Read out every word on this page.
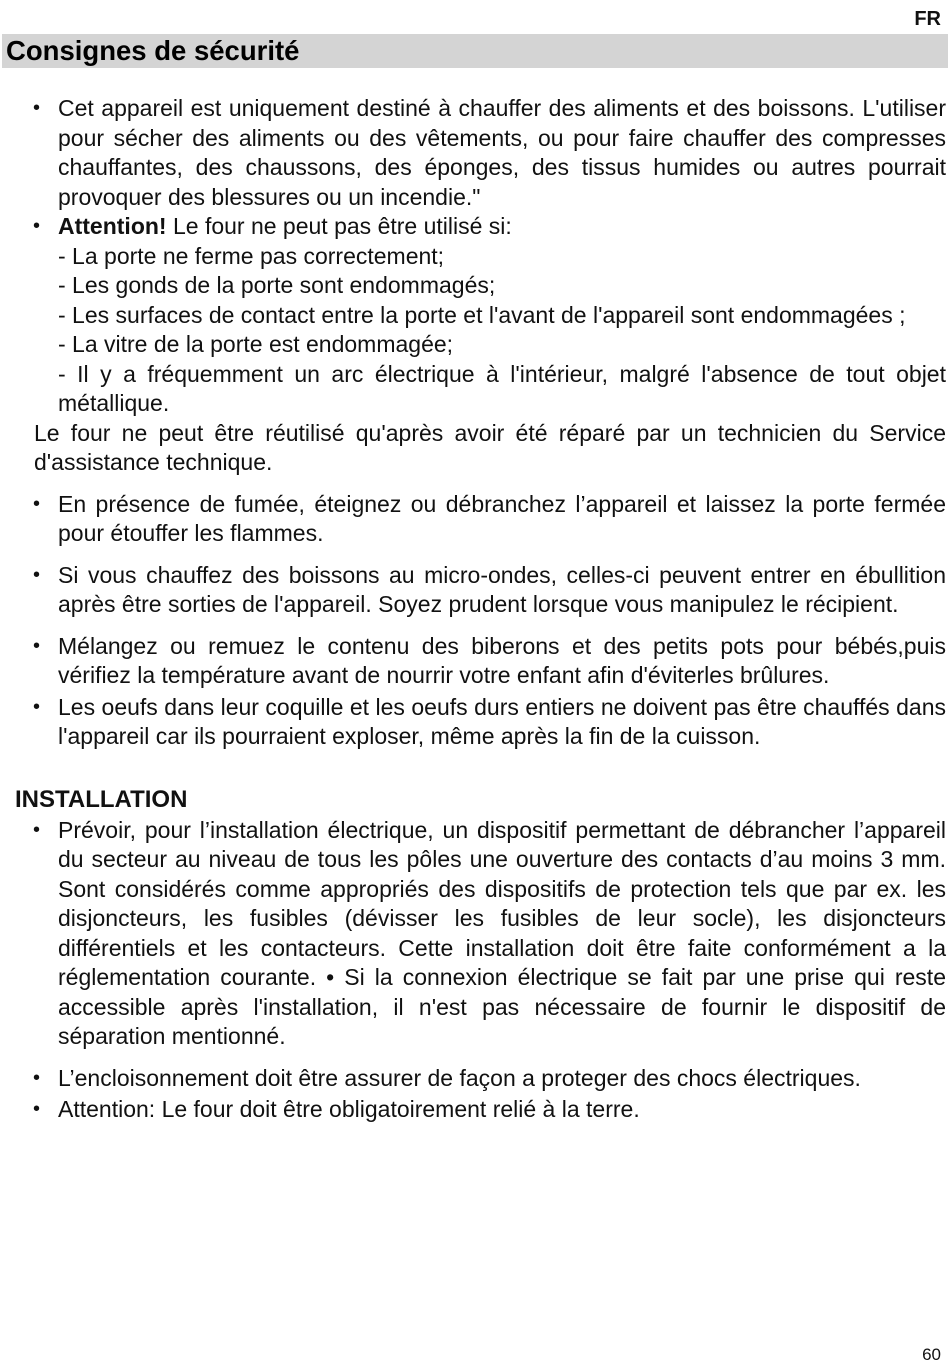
FR
Consignes de sécurité
• Cet appareil est uniquement destiné à chauffer des aliments et des boissons. L'utiliser pour sécher des aliments ou des vêtements, ou pour faire chauffer des compresses chauffantes, des chaussons, des éponges, des tissus humides ou autres pourrait provoquer des blessures ou un incendie."
• Attention! Le four ne peut pas être utilisé si:
- La porte ne ferme pas correctement;
- Les gonds de la porte sont endommagés;
- Les surfaces de contact entre la porte et l'avant de l'appareil sont endommagées ;
- La vitre de la porte est endommagée;
- Il y a fréquemment un arc électrique à l'intérieur, malgré l'absence de tout objet métallique.

Le four ne peut être réutilisé qu'après avoir été réparé par un technicien du Service d'assistance technique.

• En présence de fumée, éteignez ou débranchez l’appareil et laissez la porte fermée pour étouffer les flammes.
• Si vous chauffez des boissons au micro-ondes, celles-ci peuvent entrer en ébullition après être sorties de l'appareil. Soyez prudent lorsque vous manipulez le récipient.
• Mélangez ou remuez le contenu des biberons et des petits pots pour bébés,puis vérifiez la température avant de nourrir votre enfant afin d'éviterles brûlures.
• Les oeufs dans leur coquille et les oeufs durs entiers ne doivent pas être chauffés dans l'appareil car ils pourraient exploser, même après la fin de la cuisson.
INSTALLATION
• Prévoir, pour l’installation électrique, un dispositif permettant de débrancher l’appareil du secteur au niveau de tous les pôles une ouverture des contacts d’au moins 3 mm. Sont considérés comme appropriés des dispositifs de protection tels que par ex. les disjoncteurs, les fusibles (dévisser les fusibles de leur socle), les disjoncteurs différentiels et les contacteurs. Cette installation doit être faite conformément a la réglementation courante. • Si la connexion électrique se fait par une prise qui reste accessible après l'installation, il n'est pas nécessaire de fournir le dispositif de séparation mentionné.
• L’encloisonnement doit être assurer de façon a proteger des chocs électriques.
• Attention: Le four doit être obligatoirement relié à la terre.
60
